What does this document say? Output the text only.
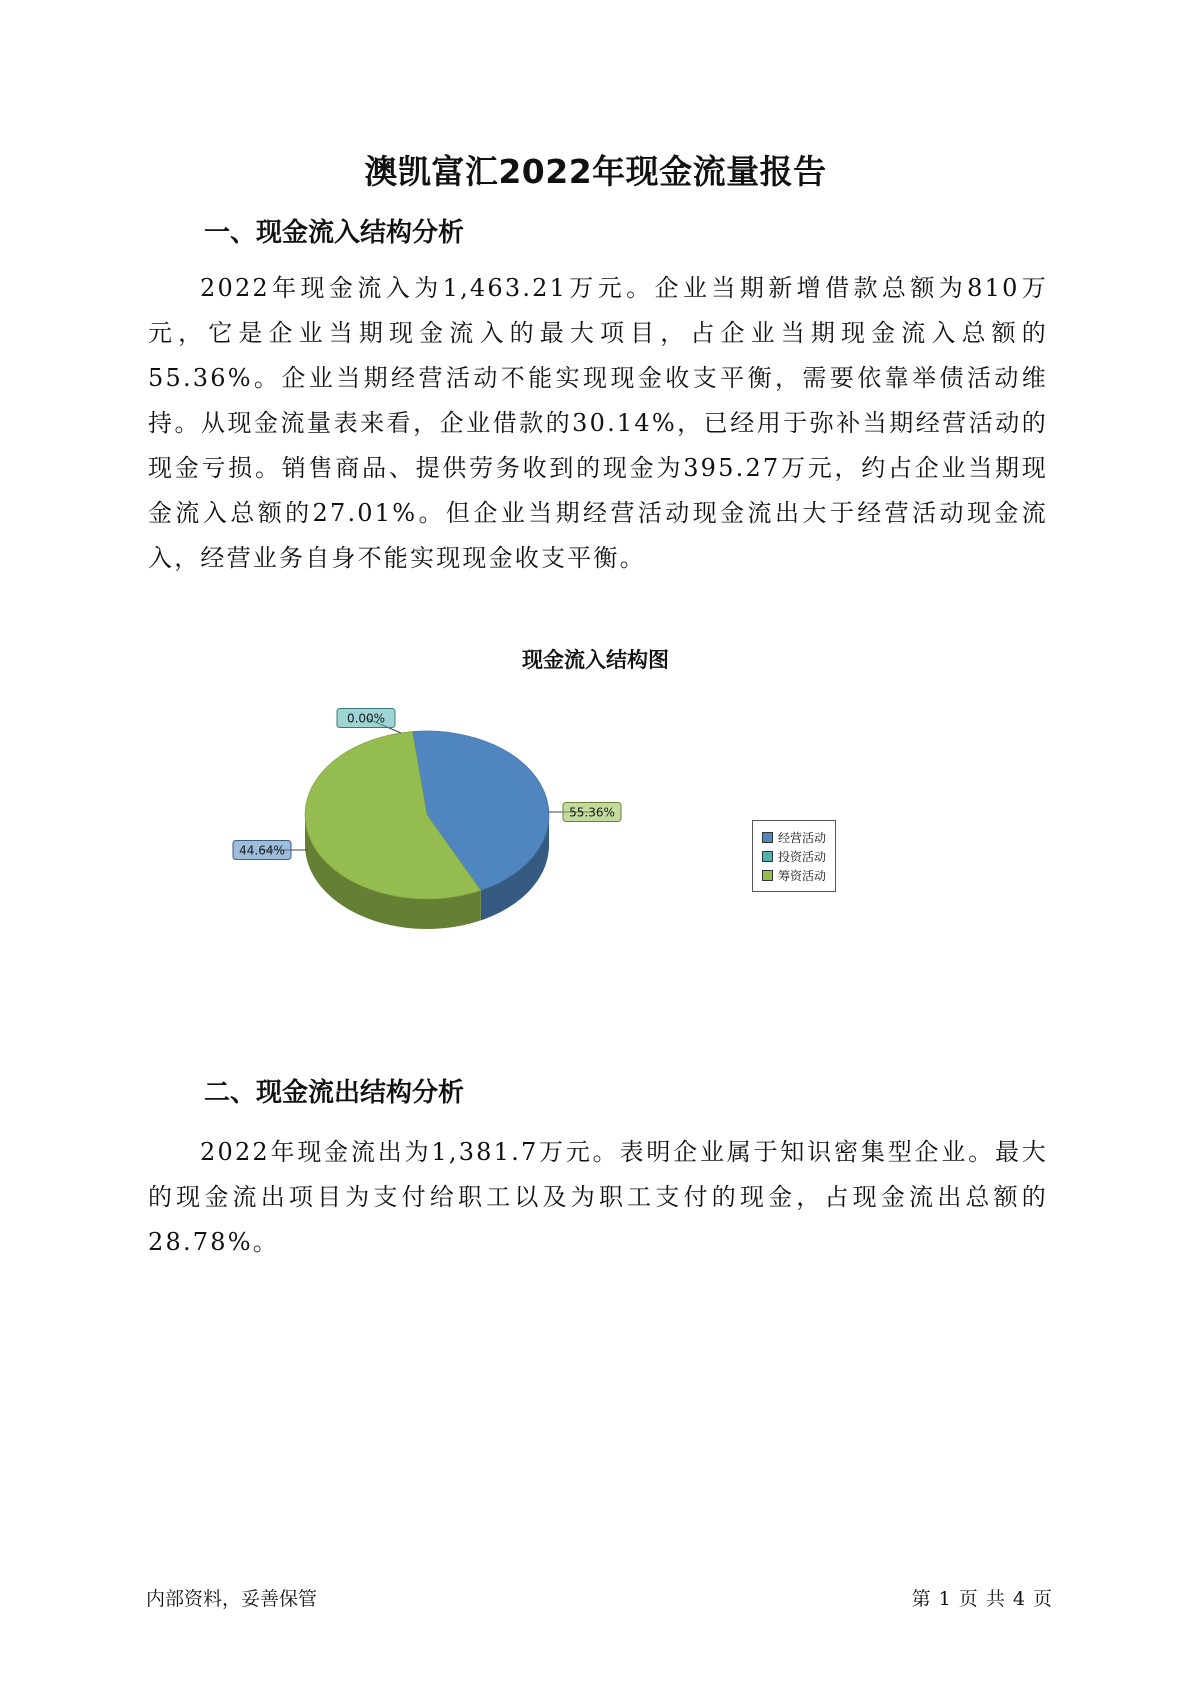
澳凯富汇2022年现金流量报告
一、现金流入结构分析

2022年现金流入为1,463.21万元。企业当期新增借款总额为810万元，它是企业当期现金流入的最大项目，占企业当期现金流入总额的55.36%。企业当期经营活动不能实现现金收支平衡，需要依靠举债活动维持。从现金流量表来看，企业借款的30.14%，已经用于弥补当期经营活动的现金亏损。销售商品、提供劳务收到的现金为395.27万元，约占企业当期现金流入总额的27.01%。但企业当期经营活动现金流出大于经营活动现金流入，经营业务自身不能实现现金收支平衡。

现金流入结构图
44.64%
0.00%
55.36%
经营活动
投资活动
筹资活动
二、现金流出结构分析

2022年现金流出为1,381.7万元。表明企业属于知识密集型企业。最大的现金流出项目为支付给职工以及为职工支付的现金，占现金流出总额的28.78%。

内部资料，妥善保管	第 1 页 共 4 页
